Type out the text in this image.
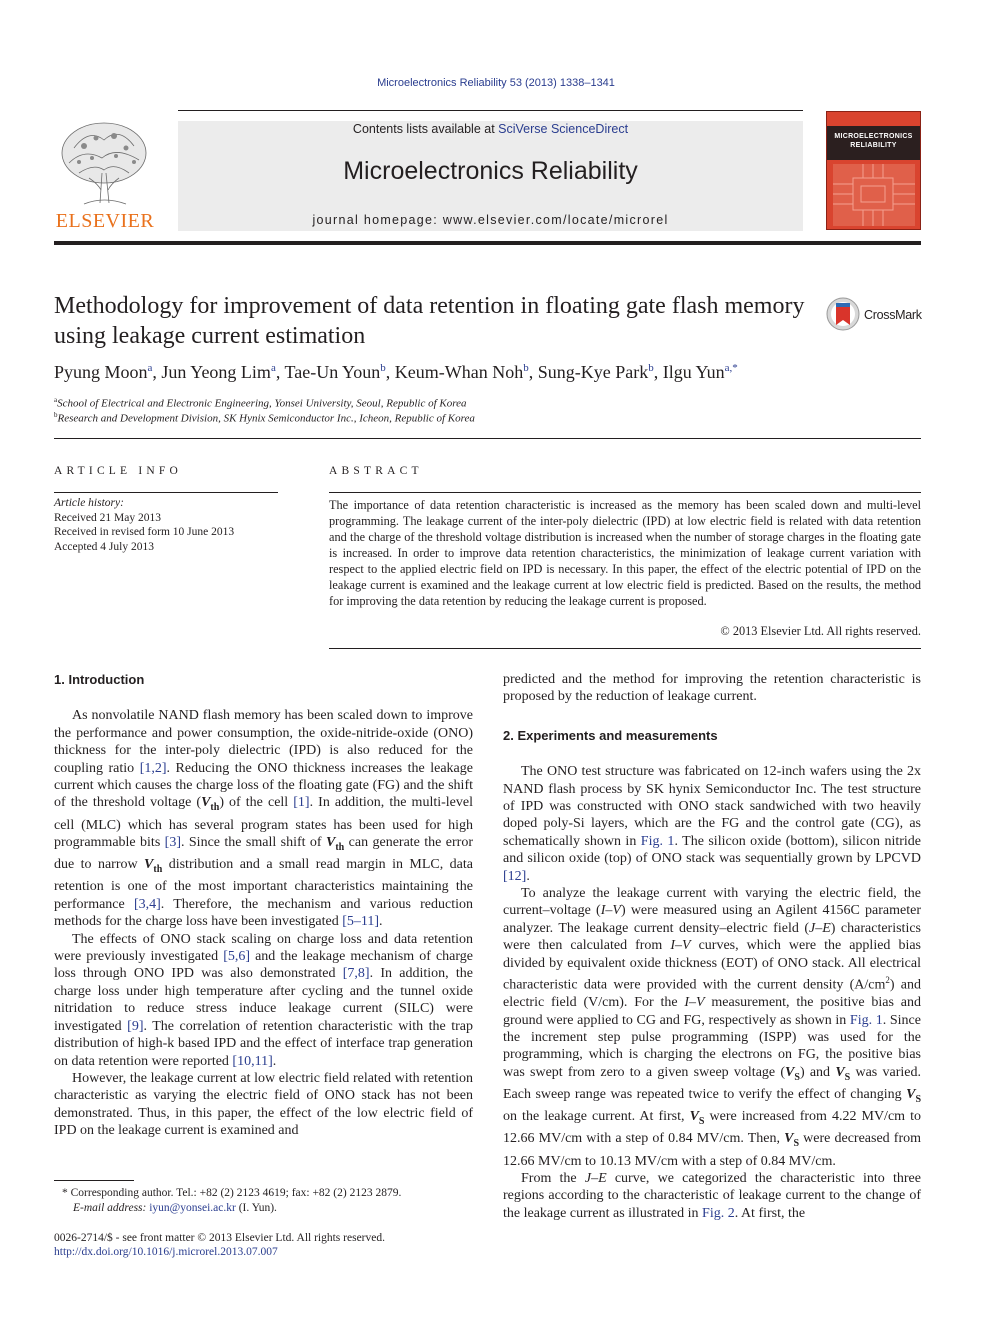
Microelectronics Reliability 53 (2013) 1338–1341
ELSEVIER
Contents lists available at SciVerse ScienceDirect
Microelectronics Reliability
journal homepage: www.elsevier.com/locate/microrel
MICROELECTRONICS
RELIABILITY
Methodology for improvement of data retention in floating gate flash memory using leakage current estimation
CrossMark
Pyung Moon$^a$, Jun Yeong Lim$^a$, Tae-Un Youn$^b$, Keum-Whan Noh$^b$, Sung-Kye Park$^b$, Ilgu Yun$^{a,*}$
$^a$School of Electrical and Electronic Engineering, Yonsei University, Seoul, Republic of Korea
$^b$Research and Development Division, SK Hynix Semiconductor Inc., Icheon, Republic of Korea
ARTICLE INFO
Article history:
Received 21 May 2013
Received in revised form 10 June 2013
Accepted 4 July 2013
ABSTRACT
The importance of data retention characteristic is increased as the memory has been scaled down and multi-level programming. The leakage current of the inter-poly dielectric (IPD) at low electric field is related with data retention and the charge of the threshold voltage distribution is increased when the number of storage charges in the floating gate is increased. In order to improve data retention characteristics, the minimization of leakage current variation with respect to the applied electric field on IPD is necessary. In this paper, the effect of the electric potential of IPD on the leakage current is examined and the leakage current at low electric field is predicted. Based on the results, the method for improving the data retention by reducing the leakage current is proposed.
© 2013 Elsevier Ltd. All rights reserved.
1. Introduction

As nonvolatile NAND flash memory has been scaled down to improve the performance and power consumption, the oxide-nitride-oxide (ONO) thickness for the inter-poly dielectric (IPD) is also reduced for the coupling ratio [1,2]. Reducing the ONO thickness increases the leakage current which causes the charge loss of the floating gate (FG) and the shift of the threshold voltage $(V_{th})$ of the cell [1]. In addition, the multi-level cell (MLC) which has several program states has been used for high programmable bits [3]. Since the small shift of $V_{th}$ can generate the error due to narrow $V_{th}$ distribution and a small read margin in MLC, data retention is one of the most important characteristics maintaining the performance [3,4]. Therefore, the mechanism and various reduction methods for the charge loss have been investigated [5–11].

The effects of ONO stack scaling on charge loss and data retention were previously investigated [5,6] and the leakage mechanism of charge loss through ONO IPD was also demonstrated [7,8]. In addition, the charge loss under high temperature after cycling and the tunnel oxide nitridation to reduce stress induce leakage current (SILC) were investigated [9]. The correlation of retention characteristic with the trap distribution of high-k based IPD and the effect of interface trap generation on data retention were reported [10,11].

However, the leakage current at low electric field related with retention characteristic as varying the electric field of ONO stack has not been demonstrated. Thus, in this paper, the effect of the low electric field of IPD on the leakage current is examined and

predicted and the method for improving the retention characteristic is proposed by the reduction of leakage current.

2. Experiments and measurements

The ONO test structure was fabricated on 12-inch wafers using the 2x NAND flash process by SK hynix Semiconductor Inc. The test structure of IPD was constructed with ONO stack sandwiched with two heavily doped poly-Si layers, which are the FG and the control gate (CG), as schematically shown in Fig. 1. The silicon oxide (bottom), silicon nitride and silicon oxide (top) of ONO stack was sequentially grown by LPCVD [12].

To analyze the leakage current with varying the electric field, the current–voltage (I–V) were measured using an Agilent 4156C parameter analyzer. The leakage current density–electric field (J–E) characteristics were then calculated from I–V curves, which were the applied bias divided by equivalent oxide thickness (EOT) of ONO stack. All electrical characteristic data were provided with the current density $(A/cm^2)$ and electric field (V/cm). For the I–V measurement, the positive bias and ground were applied to CG and FG, respectively as shown in Fig. 1. Since the increment step pulse programming (ISPP) was used for the programming, which is charging the electrons on FG, the positive bias was swept from zero to a given sweep voltage $(V_S)$ and $V_S$ was varied. Each sweep range was repeated twice to verify the effect of changing $V_S$ on the leakage current. At first, $V_S$ were increased from 4.22 MV/cm to 12.66 MV/cm with a step of 0.84 MV/cm. Then, $V_S$ were decreased from 12.66 MV/cm to 10.13 MV/cm with a step of 0.84 MV/cm.

From the J–E curve, we categorized the characteristic into three regions according to the characteristic of leakage current to the change of the leakage current as illustrated in Fig. 2. At first, the

* Corresponding author. Tel.: +82 (2) 2123 4619; fax: +82 (2) 2123 2879.
E-mail address: iyun@yonsei.ac.kr (I. Yun).
0026-2714/$ - see front matter © 2013 Elsevier Ltd. All rights reserved.
http://dx.doi.org/10.1016/j.microrel.2013.07.007
